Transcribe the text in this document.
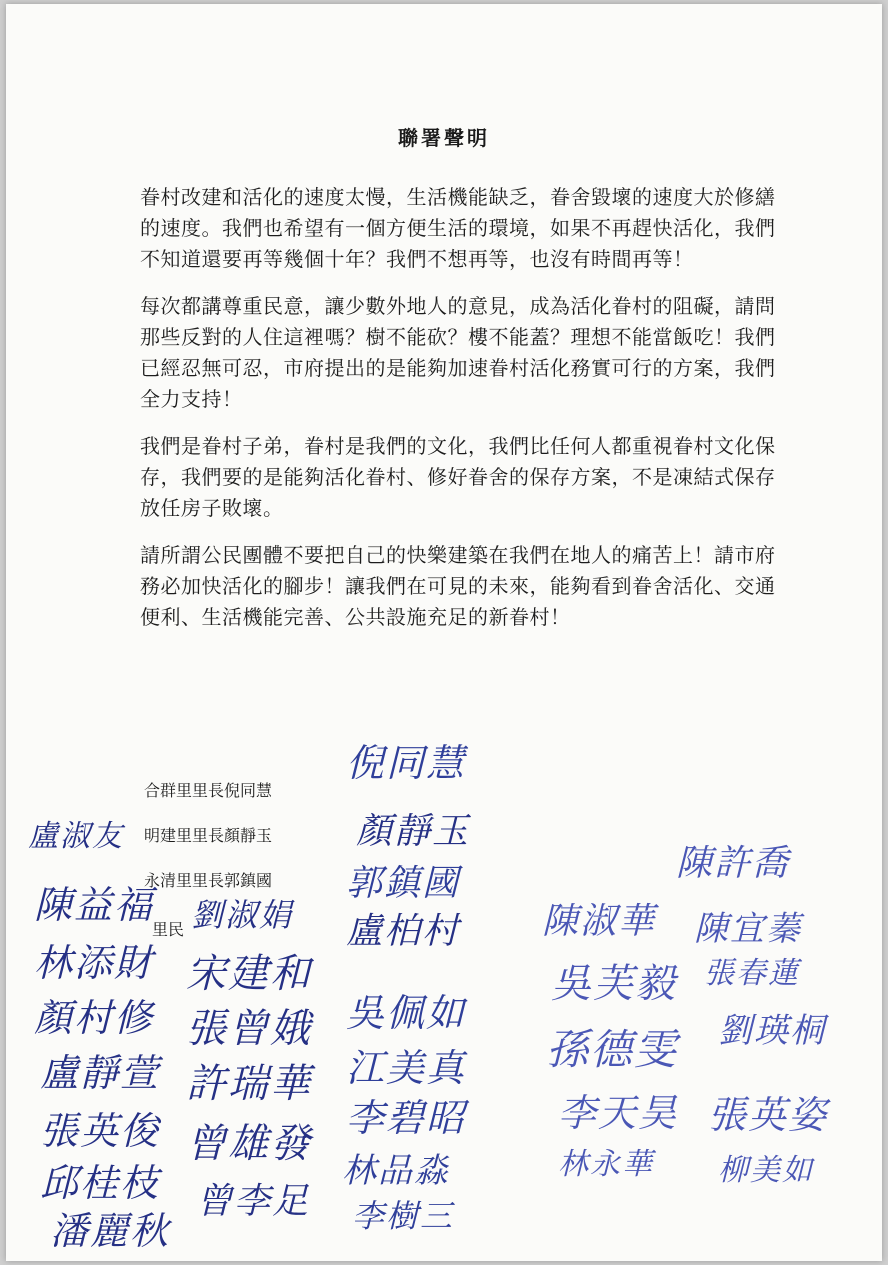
聯署聲明

眷村改建和活化的速度太慢，生活機能缺乏，眷舍毀壞的速度大於修繕的速度。我們也希望有一個方便生活的環境，如果不再趕快活化，我們不知道還要再等幾個十年？我們不想再等，也沒有時間再等！

每次都講尊重民意，讓少數外地人的意見，成為活化眷村的阻礙，請問那些反對的人住這裡嗎？樹不能砍？樓不能蓋？理想不能當飯吃！我們已經忍無可忍，市府提出的是能夠加速眷村活化務實可行的方案，我們全力支持！

我們是眷村子弟，眷村是我們的文化，我們比任何人都重視眷村文化保存，我們要的是能夠活化眷村、修好眷舍的保存方案，不是凍結式保存放任房子敗壞。

請所謂公民團體不要把自己的快樂建築在我們在地人的痛苦上！請市府務必加快活化的腳步！讓我們在可見的未來，能夠看到眷舍活化、交通便利、生活機能完善、公共設施充足的新眷村！

合群里里長倪同慧
明建里里長顏靜玉
永清里里長郭鎮國
里民
倪同慧
顏靜玉
郭鎮國
盧柏村
盧淑友
陳益福
林添財
顏村修
盧靜萱
張英俊
邱桂枝
潘麗秋
劉淑娟
宋建和
張曾娥
許瑞華
曾雄發
曾李足
吳佩如
江美真
李碧昭
林品淼
李樹三
陳許喬
陳淑華 陳宜蓁
吳芙毅 張春蓮
孫德雯 劉瑛桐
李天昊 張英姿
林永華 柳美如
